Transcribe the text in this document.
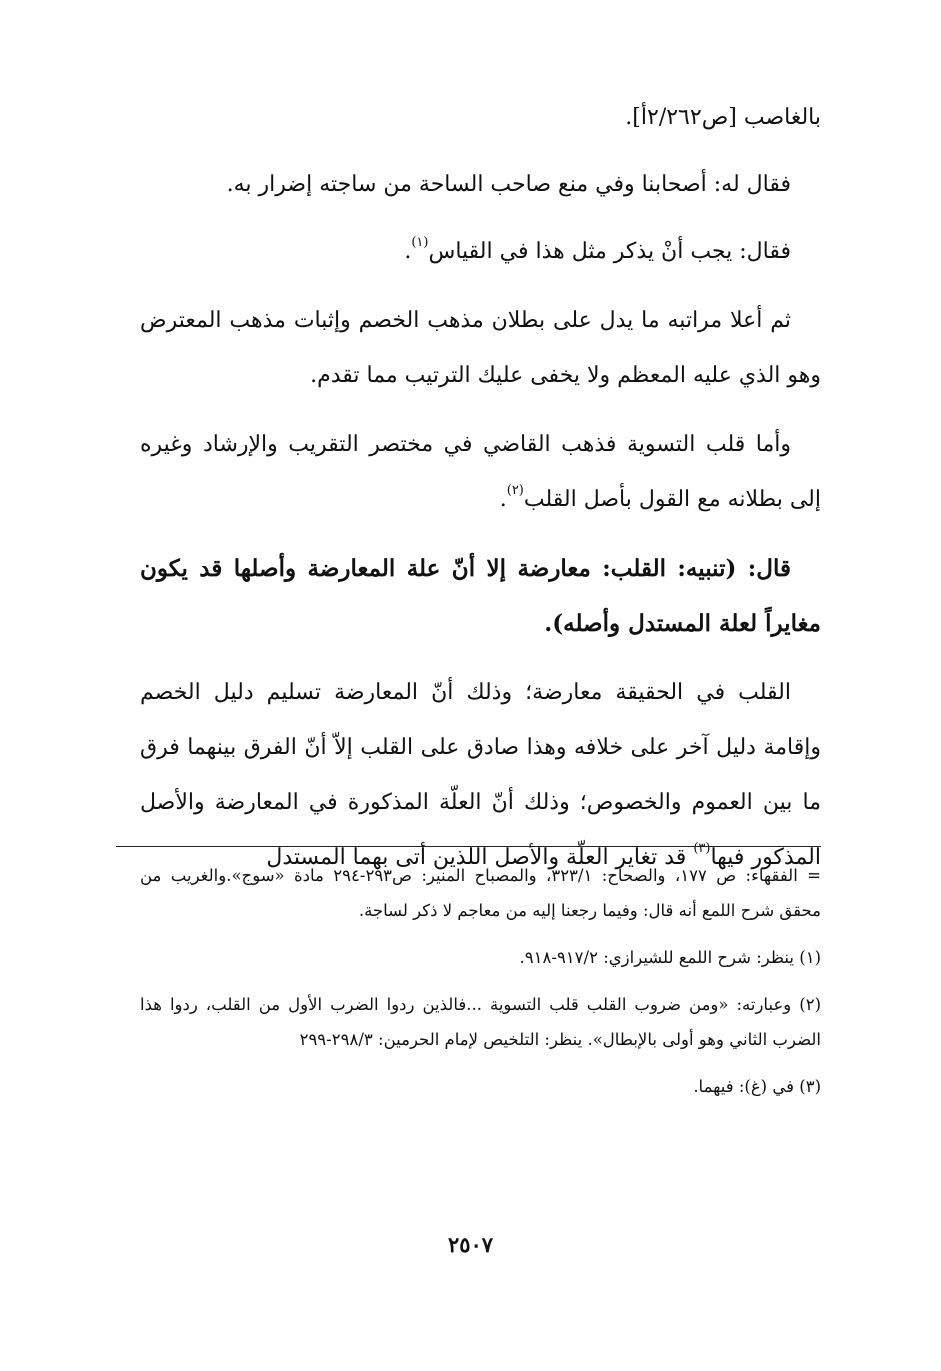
بالغاصب [ص٢/٢٦٢أ].

فقال له: أصحابنا وفي منع صاحب الساحة من ساجته إضرار به.

فقال: يجب أنْ يذكر مثل هذا في القياس$^{(١)}$.

ثم أعلا مراتبه ما يدل على بطلان مذهب الخصم وإثبات مذهب المعترض وهو الذي عليه المعظم ولا يخفى عليك الترتيب مما تقدم.

وأما قلب التسوية فذهب القاضي في مختصر التقريب والإرشاد وغيره إلى بطلانه مع القول بأصل القلب$^{(٢)}$.

قال: (تنبيه: القلب: معارضة إلا أنّ علة المعارضة وأصلها قد يكون مغايراً لعلة المستدل وأصله).

القلب في الحقيقة معارضة؛ وذلك أنّ المعارضة تسليم دليل الخصم وإقامة دليل آخر على خلافه وهذا صادق على القلب إلاّ أنّ الفرق بينهما فرق ما بين العموم والخصوص؛ وذلك أنّ العلّة المذكورة في المعارضة والأصل المذكور فيها$^{(٣)}$ قد تغاير العلّة والأصل اللذين أتى بهما المستدل

= الفقهاء: ص ١٧٧، والصحاح: ٣٢٣/١، والمصباح المنير: ص٢٩٣-٢٩٤ مادة «سوج».والغريب من محقق شرح اللمع أنه قال: وفيما رجعنا إليه من معاجم لا ذكر لساجة.

(١) ينظر: شرح اللمع للشيرازي: ٩١٧/٢-٩١٨.

(٢) وعبارته: «ومن ضروب القلب قلب التسوية ...فالذين ردوا الضرب الأول من القلب، ردوا هذا الضرب الثاني وهو أولى بالإبطال». ينظر: التلخيص لإمام الحرمين: ٢٩٨/٣-٢٩٩

(٣) في (غ): فيهما.

٢٥٠٧
